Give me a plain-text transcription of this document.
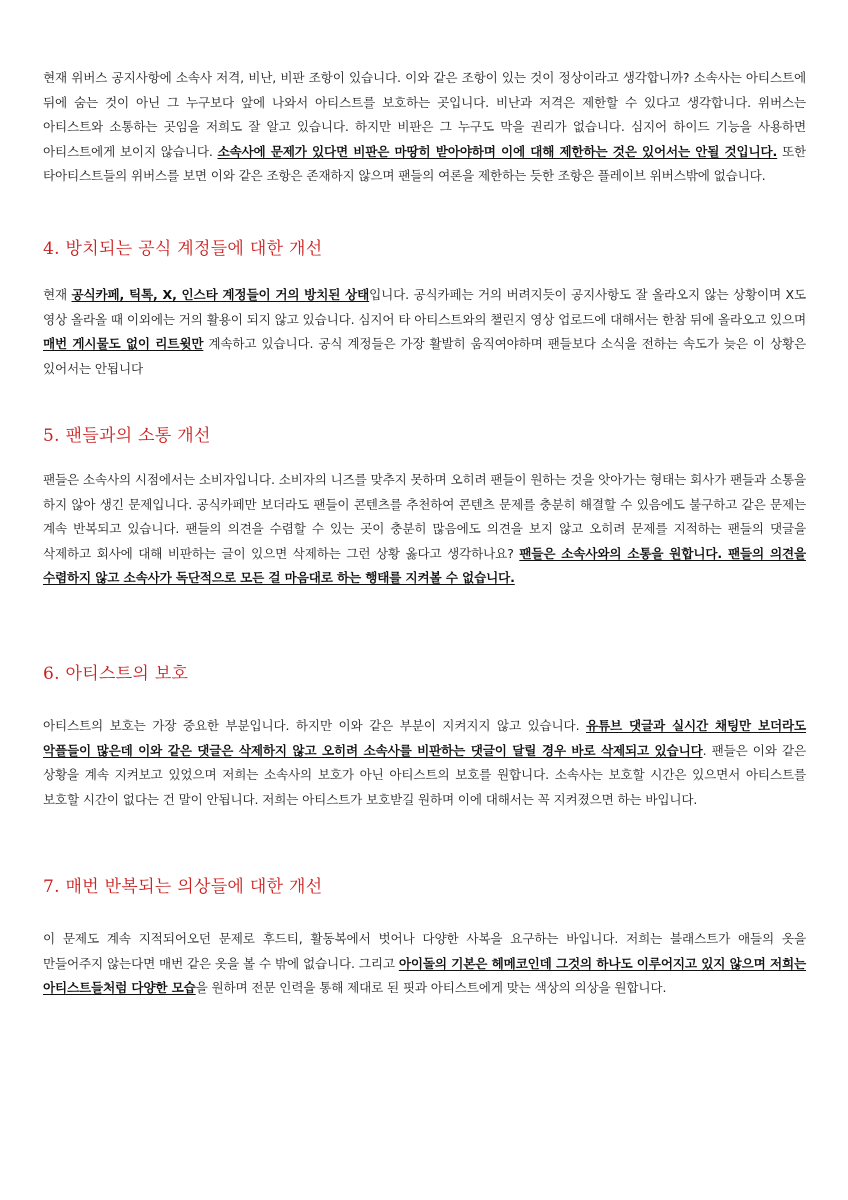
현재 위버스 공지사항에 소속사 저격, 비난, 비판 조항이 있습니다. 이와 같은 조항이 있는 것이 정상이라고 생각합니까? 소속사는 아티스트에 뒤에 숨는 것이 아닌 그 누구보다 앞에 나와서 아티스트를 보호하는 곳입니다. 비난과 저격은 제한할 수 있다고 생각합니다. 위버스는 아티스트와 소통하는 곳임을 저희도 잘 알고 있습니다. 하지만 비판은 그 누구도 막을 권리가 없습니다. 심지어 하이드 기능을 사용하면 아티스트에게 보이지 않습니다. 소속사에 문제가 있다면 비판은 마땅히 받아야하며 이에 대해 제한하는 것은 있어서는 안될 것입니다. 또한 타아티스트들의 위버스를 보면 이와 같은 조항은 존재하지 않으며 팬들의 여론을 제한하는 듯한 조항은 플레이브 위버스밖에 없습니다.

4. 방치되는 공식 계정들에 대한 개선

현재 공식카페, 틱톡, X, 인스타 계정들이 거의 방치된 상태입니다. 공식카페는 거의 버려지듯이 공지사항도 잘 올라오지 않는 상황이며 X도 영상 올라올 때 이외에는 거의 활용이 되지 않고 있습니다. 심지어 타 아티스트와의 챌린지 영상 업로드에 대해서는 한참 뒤에 올라오고 있으며 매번 게시물도 없이 리트윗만 계속하고 있습니다. 공식 계정들은 가장 활발히 움직여야하며 팬들보다 소식을 전하는 속도가 늦은 이 상황은 있어서는 안됩니다

5. 팬들과의 소통 개선

팬들은 소속사의 시점에서는 소비자입니다. 소비자의 니즈를 맞추지 못하며 오히려 팬들이 원하는 것을 앗아가는 형태는 회사가 팬들과 소통을 하지 않아 생긴 문제입니다. 공식카페만 보더라도 팬들이 콘텐츠를 추천하여 콘텐츠 문제를 충분히 해결할 수 있음에도 불구하고 같은 문제는 계속 반복되고 있습니다. 팬들의 의견을 수렴할 수 있는 곳이 충분히 많음에도 의견을 보지 않고 오히려 문제를 지적하는 팬들의 댓글을 삭제하고 회사에 대해 비판하는 글이 있으면 삭제하는 그런 상황 옳다고 생각하나요? 팬들은 소속사와의 소통을 원합니다. 팬들의 의견을 수렴하지 않고 소속사가 독단적으로 모든 걸 마음대로 하는 행태를 지켜볼 수 없습니다.

6. 아티스트의 보호

아티스트의 보호는 가장 중요한 부분입니다. 하지만 이와 같은 부분이 지켜지지 않고 있습니다. 유튜브 댓글과 실시간 채팅만 보더라도 악플들이 많은데 이와 같은 댓글은 삭제하지 않고 오히려 소속사를 비판하는 댓글이 달릴 경우 바로 삭제되고 있습니다. 팬들은 이와 같은 상황을 계속 지켜보고 있었으며 저희는 소속사의 보호가 아닌 아티스트의 보호를 원합니다. 소속사는 보호할 시간은 있으면서 아티스트를 보호할 시간이 없다는 건 말이 안됩니다. 저희는 아티스트가 보호받길 원하며 이에 대해서는 꼭 지켜졌으면 하는 바입니다.

7. 매번 반복되는 의상들에 대한 개선

이 문제도 계속 지적되어오던 문제로 후드티, 활동복에서 벗어나 다양한 사복을 요구하는 바입니다. 저희는 블래스트가 애들의 옷을 만들어주지 않는다면 매번 같은 옷을 볼 수 밖에 없습니다. 그리고 아이돌의 기본은 헤메코인데 그것의 하나도 이루어지고 있지 않으며 저희는 아티스트들처럼 다양한 모습을 원하며 전문 인력을 통해 제대로 된 핏과 아티스트에게 맞는 색상의 의상을 원합니다.
